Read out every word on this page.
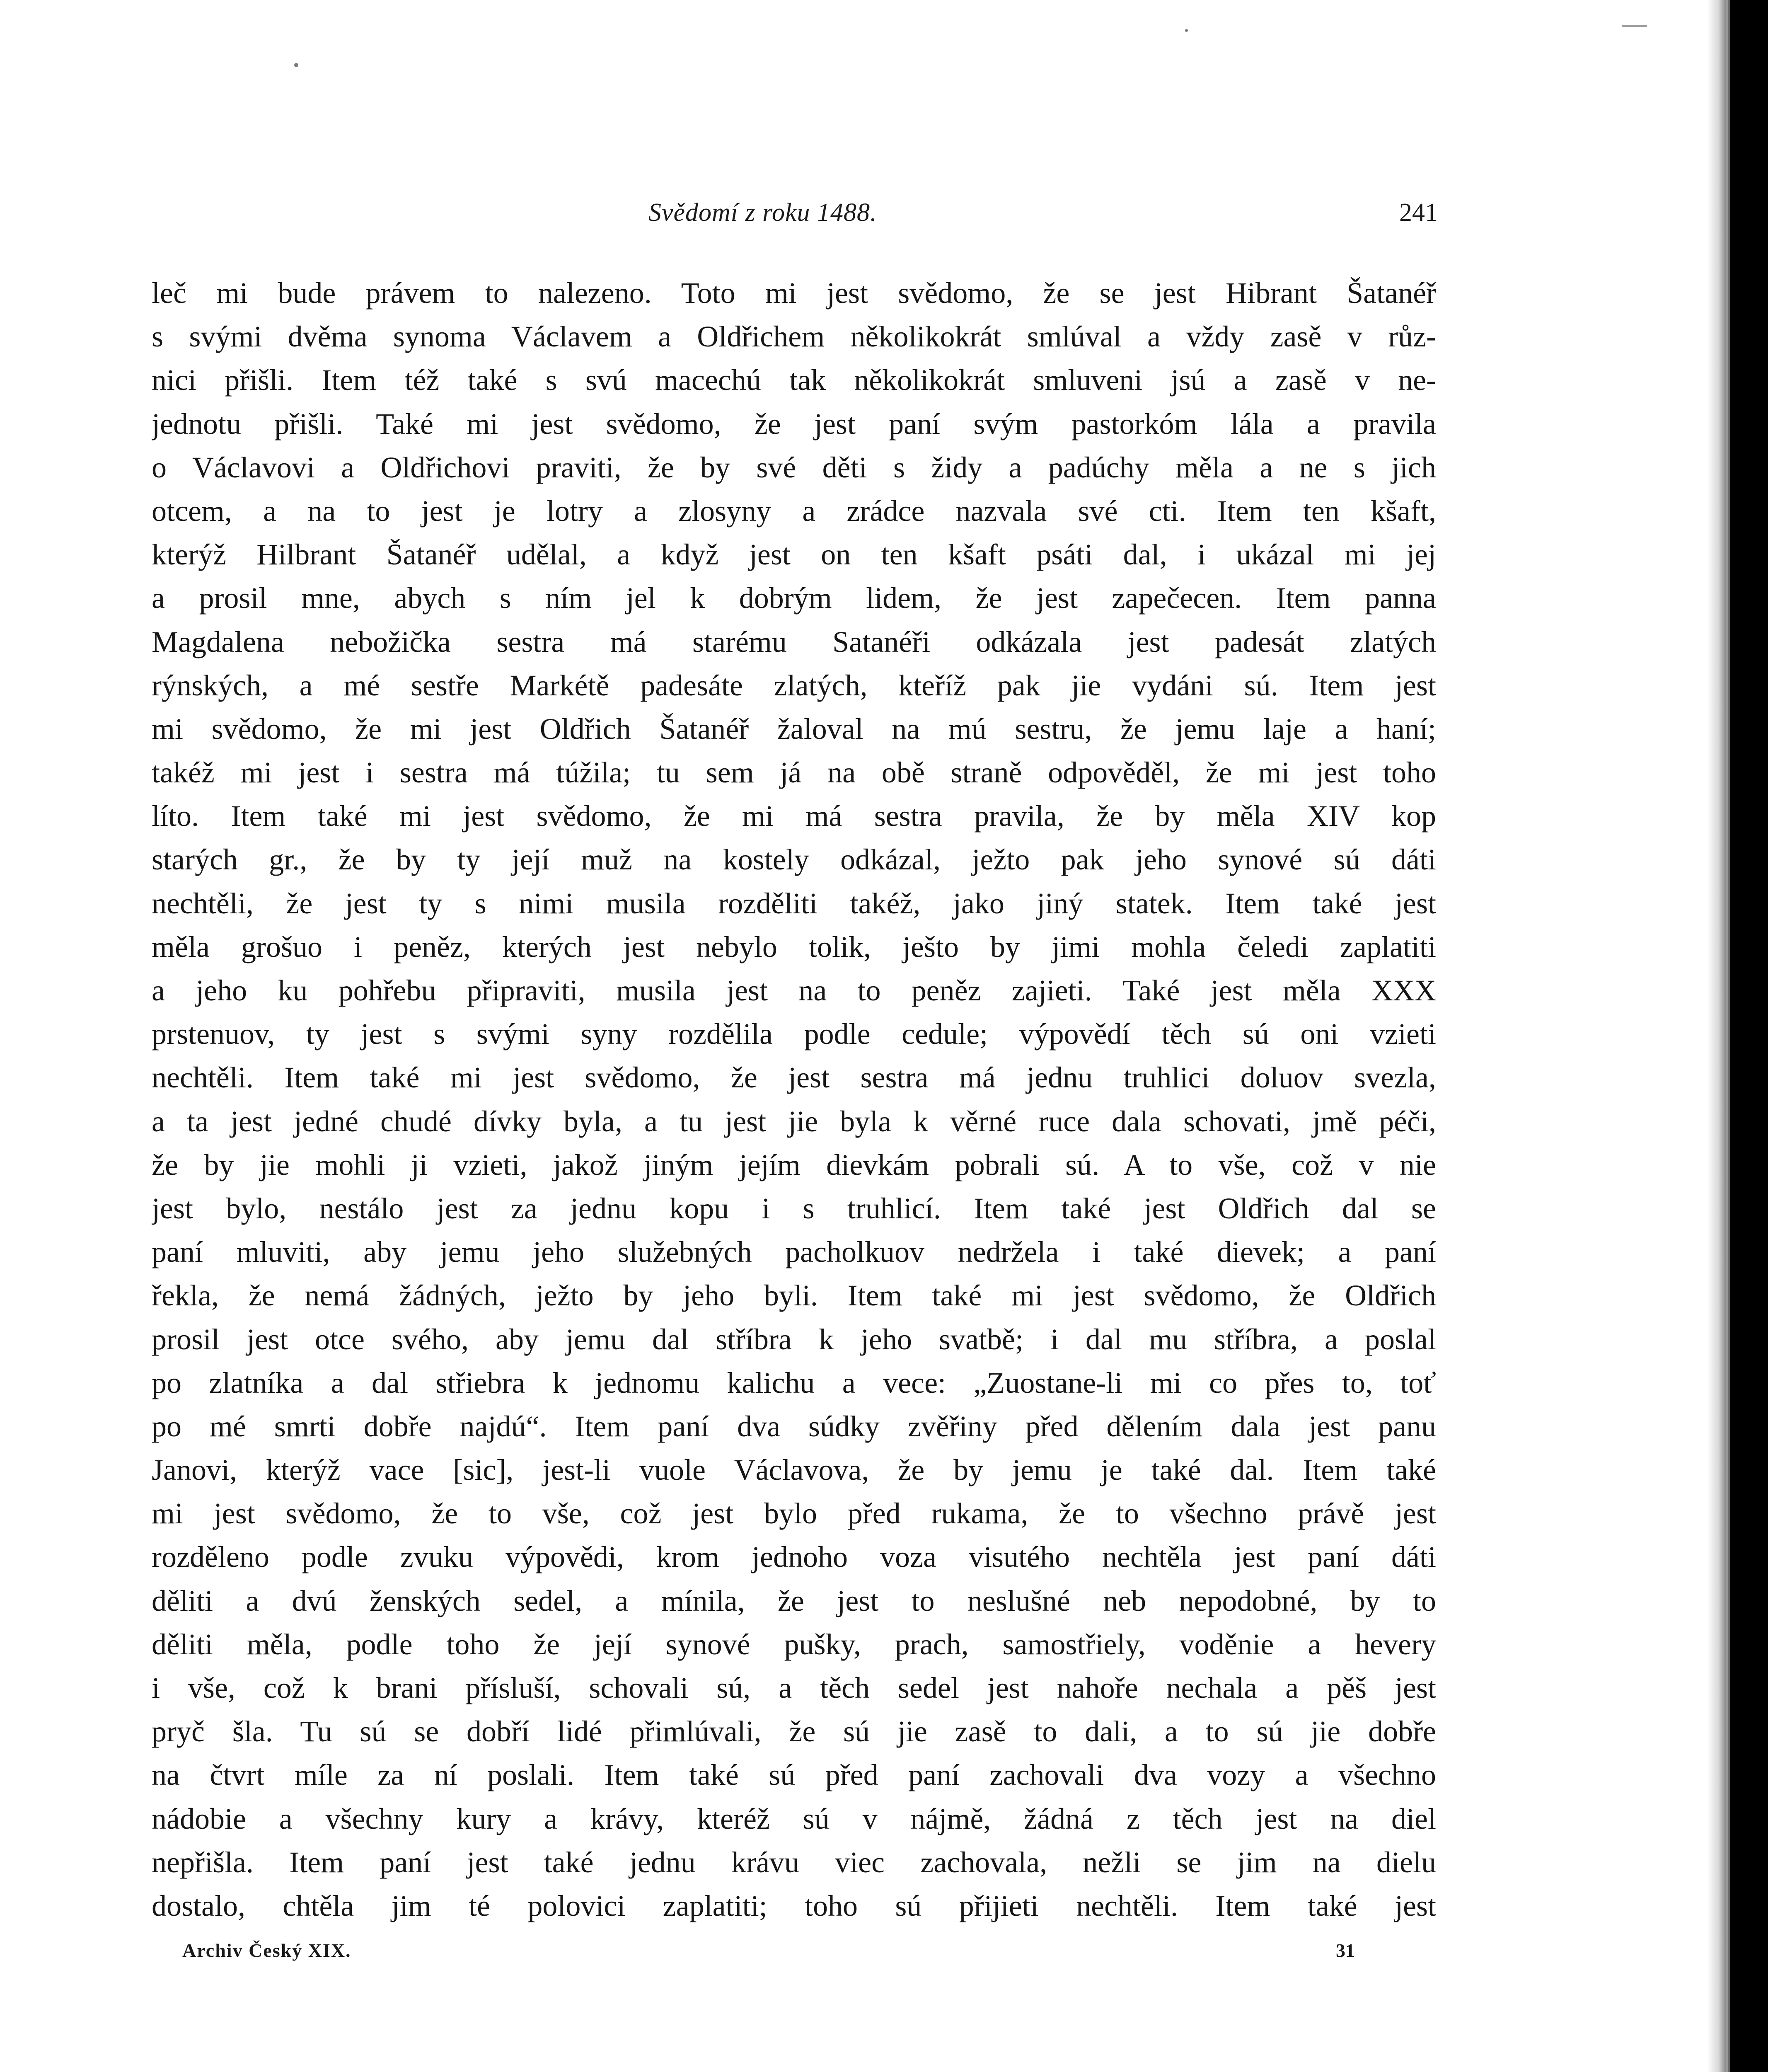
Svědomí z roku 1488.	241
leč mi bude právem to nalezeno. Toto mi jest svědomo, že se jest Hibrant Šatanéř
s svými dvěma synoma Václavem a Oldřichem několikokrát smlúval a vždy zasě v růz-
nici přišli. Item též také s svú macechú tak několikokrát smluveni jsú a zasě v ne-
jednotu přišli. Také mi jest svědomo, že jest paní svým pastorkóm lála a pravila
o Václavovi a Oldřichovi praviti, že by své děti s židy a padúchy měla a ne s jich
otcem, a na to jest je lotry a zlosyny a zrádce nazvala své cti. Item ten kšaft,
kterýž Hilbrant Šatanéř udělal, a když jest on ten kšaft psáti dal, i ukázal mi jej
a prosil mne, abych s ním jel k dobrým lidem, že jest zapečecen. Item panna
Magdalena nebožička sestra má starému Satanéři odkázala jest padesát zlatých
rýnských, a mé sestře Markétě padesáte zlatých, kteříž pak jie vydáni sú. Item jest
mi svědomo, že mi jest Oldřich Šatanéř žaloval na mú sestru, že jemu laje a haní;
takéž mi jest i sestra má túžila; tu sem já na obě straně odpověděl, že mi jest toho
líto. Item také mi jest svědomo, že mi má sestra pravila, že by měla XIV kop
starých gr., že by ty její muž na kostely odkázal, ježto pak jeho synové sú dáti
nechtěli, že jest ty s nimi musila rozděliti takéž, jako jiný statek. Item také jest
měla grošuo i peněz, kterých jest nebylo tolik, ješto by jimi mohla čeledi zaplatiti
a jeho ku pohřebu připraviti, musila jest na to peněz zajieti. Také jest měla XXX
prstenuov, ty jest s svými syny rozdělila podle cedule; výpovědí těch sú oni vzieti
nechtěli. Item také mi jest svědomo, že jest sestra má jednu truhlici doluov svezla,
a ta jest jedné chudé dívky byla, a tu jest jie byla k věrné ruce dala schovati, jmě péči,
že by jie mohli ji vzieti, jakož jiným jejím dievkám pobrali sú. A to vše, což v nie
jest bylo, nestálo jest za jednu kopu i s truhlicí. Item také jest Oldřich dal se
paní mluviti, aby jemu jeho služebných pacholkuov nedržela i také dievek; a paní
řekla, že nemá žádných, ježto by jeho byli. Item také mi jest svědomo, že Oldřich
prosil jest otce svého, aby jemu dal stříbra k jeho svatbě; i dal mu stříbra, a poslal
po zlatníka a dal střiebra k jednomu kalichu a vece: „Zuostane-li mi co přes to, toť
po mé smrti dobře najdú“. Item paní dva súdky zvěřiny před dělením dala jest panu
Janovi, kterýž vace [sic], jest-li vuole Václavova, že by jemu je také dal. Item také
mi jest svědomo, že to vše, což jest bylo před rukama, že to všechno právě jest
rozděleno podle zvuku výpovědi, krom jednoho voza visutého nechtěla jest paní dáti
děliti a dvú ženských sedel, a mínila, že jest to neslušné neb nepodobné, by to
děliti měla, podle toho že její synové pušky, prach, samostřiely, voděnie a hevery
i vše, což k brani přísluší, schovali sú, a těch sedel jest nahoře nechala a pěš jest
pryč šla. Tu sú se dobří lidé přimlúvali, že sú jie zasě to dali, a to sú jie dobře
na čtvrt míle za ní poslali. Item také sú před paní zachovali dva vozy a všechno
nádobie a všechny kury a krávy, kteréž sú v nájmě, žádná z těch jest na diel
nepřišla. Item paní jest také jednu krávu viec zachovala, nežli se jim na dielu
dostalo, chtěla jim té polovici zaplatiti; toho sú přijieti nechtěli. Item také jest
Archiv Český XIX.	31
